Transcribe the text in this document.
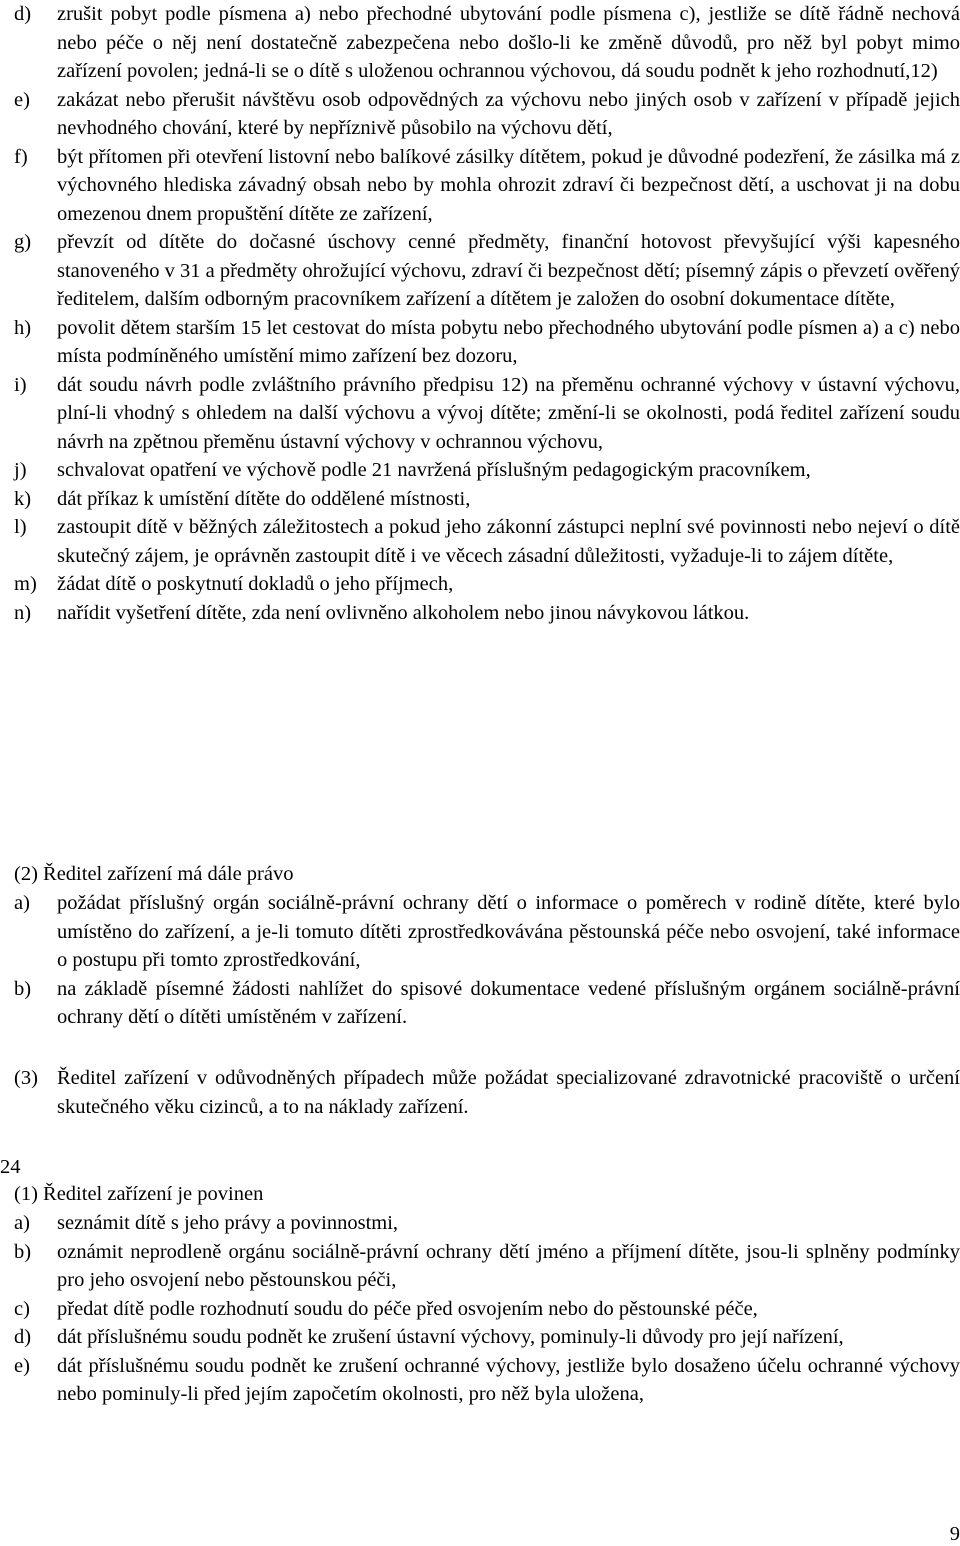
d) zrušit pobyt podle písmena a) nebo přechodné ubytování podle písmena c), jestliže se dítě řádně nechová nebo péče o něj není dostatečně zabezpečena nebo došlo-li ke změně důvodů, pro něž byl pobyt mimo zařízení povolen; jedná-li se o dítě s uloženou ochrannou výchovou, dá soudu podnět k jeho rozhodnutí,12)
e) zakázat nebo přerušit návštěvu osob odpovědných za výchovu nebo jiných osob v zařízení v případě jejich nevhodného chování, které by nepříznivě působilo na výchovu dětí,
f) být přítomen při otevření listovní nebo balíkové zásilky dítětem, pokud je důvodné podezření, že zásilka má z výchovného hlediska závadný obsah nebo by mohla ohrozit zdraví či bezpečnost dětí, a uschovat ji na dobu omezenou dnem propuštění dítěte ze zařízení,
g) převzít od dítěte do dočasné úschovy cenné předměty, finanční hotovost převyšující výši kapesného stanoveného v 31 a předměty ohrožující výchovu, zdraví či bezpečnost dětí; písemný zápis o převzetí ověřený ředitelem, dalším odborným pracovníkem zařízení a dítětem je založen do osobní dokumentace dítěte,
h) povolit dětem starším 15 let cestovat do místa pobytu nebo přechodného ubytování podle písmen a) a c) nebo místa podmíněného umístění mimo zařízení bez dozoru,
i) dát soudu návrh podle zvláštního právního předpisu 12) na přeměnu ochranné výchovy v ústavní výchovu, plní-li vhodný s ohledem na další výchovu a vývoj dítěte; změní-li se okolnosti, podá ředitel zařízení soudu návrh na zpětnou přeměnu ústavní výchovy v ochrannou výchovu,
j) schvalovat opatření ve výchově podle 21 navržená příslušným pedagogickým pracovníkem,
k) dát příkaz k umístění dítěte do oddělené místnosti,
l) zastoupit dítě v běžných záležitostech a pokud jeho zákonní zástupci neplní své povinnosti nebo nejeví o dítě skutečný zájem, je oprávněn zastoupit dítě i ve věcech zásadní důležitosti, vyžaduje-li to zájem dítěte,
m) žádat dítě o poskytnutí dokladů o jeho příjmech,
n) nařídit vyšetření dítěte, zda není ovlivněno alkoholem nebo jinou návykovou látkou.

(2) Ředitel zařízení má dále právo

a) požádat příslušný orgán sociálně-právní ochrany dětí o informace o poměrech v rodině dítěte, které bylo umístěno do zařízení, a je-li tomuto dítěti zprostředkovávána pěstounská péče nebo osvojení, také informace o postupu při tomto zprostředkování,
b) na základě písemné žádosti nahlížet do spisové dokumentace vedené příslušným orgánem sociálně-právní ochrany dětí o dítěti umístěném v zařízení.
(3) Ředitel zařízení v odůvodněných případech může požádat specializované zdravotnické pracoviště o určení skutečného věku cizinců, a to na náklady zařízení.
24

(1) Ředitel zařízení je povinen

a) seznámit dítě s jeho právy a povinnostmi,
b) oznámit neprodleně orgánu sociálně-právní ochrany dětí jméno a příjmení dítěte, jsou-li splněny podmínky pro jeho osvojení nebo pěstounskou péči,
c) předat dítě podle rozhodnutí soudu do péče před osvojením nebo do pěstounské péče,
d) dát příslušnému soudu podnět ke zrušení ústavní výchovy, pominuly-li důvody pro její nařízení,
e) dát příslušnému soudu podnět ke zrušení ochranné výchovy, jestliže bylo dosaženo účelu ochranné výchovy nebo pominuly-li před jejím započetím okolnosti, pro něž byla uložena,
9
